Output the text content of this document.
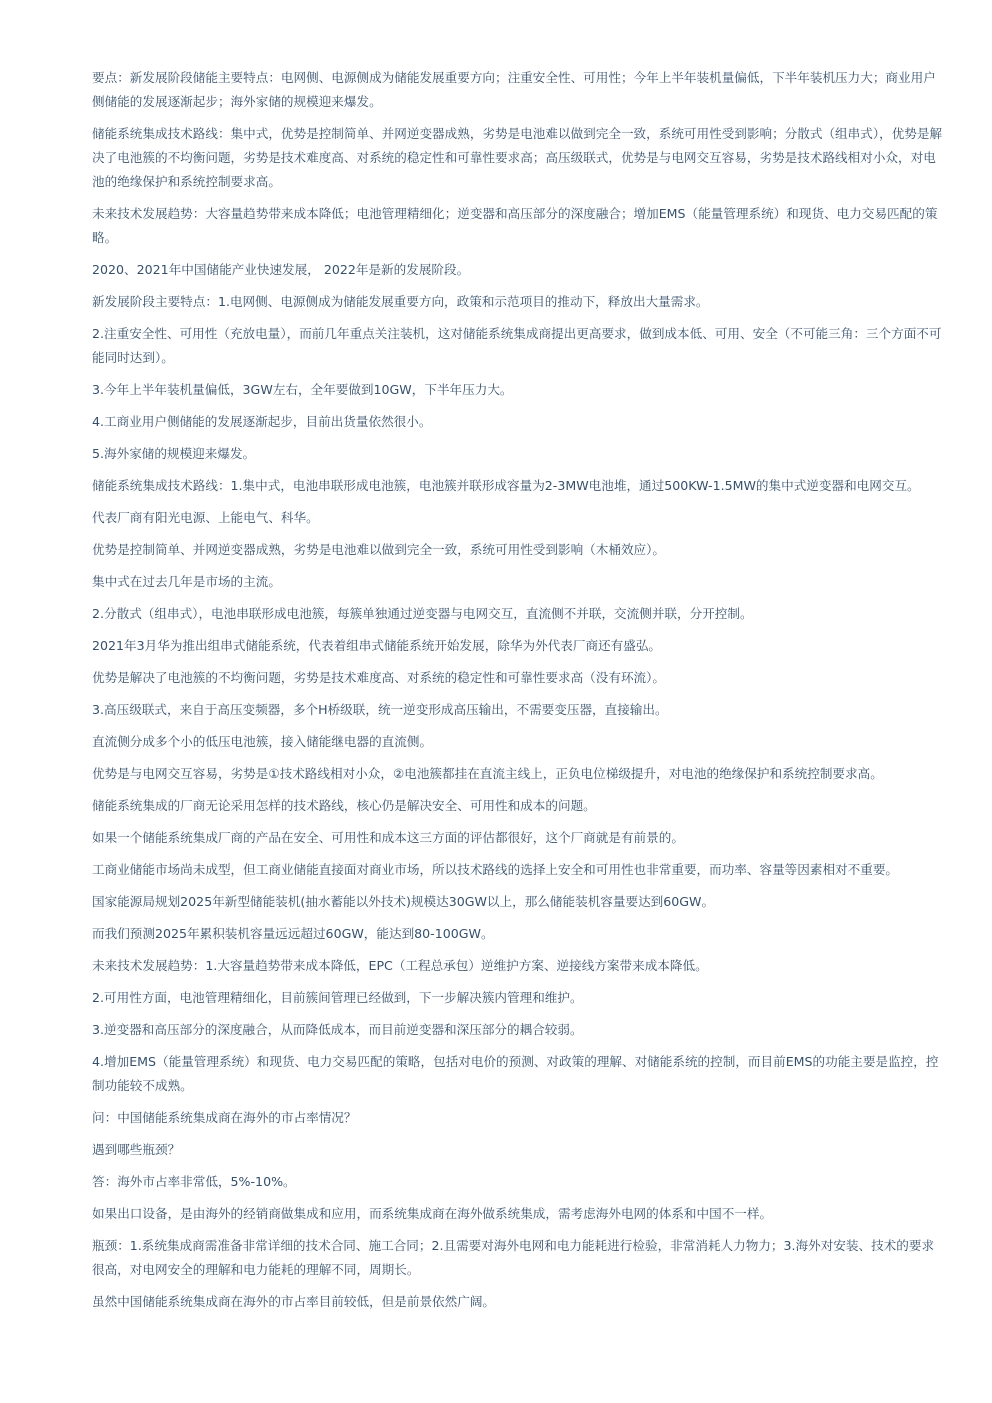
要点：新发展阶段储能主要特点：电网侧、电源侧成为储能发展重要方向；注重安全性、可用性；今年上半年装机量偏低，下半年装机压力大；商业用户侧储能的发展逐渐起步；海外家储的规模迎来爆发。

储能系统集成技术路线：集中式，优势是控制简单、并网逆变器成熟，劣势是电池难以做到完全一致，系统可用性受到影响；分散式（组串式），优势是解决了电池簇的不均衡问题，劣势是技术难度高、对系统的稳定性和可靠性要求高；高压级联式，优势是与电网交互容易，劣势是技术路线相对小众，对电池的绝缘保护和系统控制要求高。

未来技术发展趋势：大容量趋势带来成本降低；电池管理精细化；逆变器和高压部分的深度融合；增加EMS（能量管理系统）和现货、电力交易匹配的策略。

2020、2021年中国储能产业快速发展， 2022年是新的发展阶段。

新发展阶段主要特点：1.电网侧、电源侧成为储能发展重要方向，政策和示范项目的推动下，释放出大量需求。

2.注重安全性、可用性（充放电量），而前几年重点关注装机，这对储能系统集成商提出更高要求，做到成本低、可用、安全（不可能三角：三个方面不可能同时达到）。

3.今年上半年装机量偏低，3GW左右，全年要做到10GW，下半年压力大。

4.工商业用户侧储能的发展逐渐起步，目前出货量依然很小。

5.海外家储的规模迎来爆发。

储能系统集成技术路线：1.集中式，电池串联形成电池簇，电池簇并联形成容量为2-3MW电池堆，通过500KW-1.5MW的集中式逆变器和电网交互。

代表厂商有阳光电源、上能电气、科华。

优势是控制简单、并网逆变器成熟，劣势是电池难以做到完全一致，系统可用性受到影响（木桶效应）。

集中式在过去几年是市场的主流。

2.分散式（组串式），电池串联形成电池簇，每簇单独通过逆变器与电网交互，直流侧不并联，交流侧并联，分开控制。

2021年3月华为推出组串式储能系统，代表着组串式储能系统开始发展，除华为外代表厂商还有盛弘。

优势是解决了电池簇的不均衡问题，劣势是技术难度高、对系统的稳定性和可靠性要求高（没有环流）。

3.高压级联式，来自于高压变频器，多个H桥级联，统一逆变形成高压输出，不需要变压器，直接输出。

直流侧分成多个小的低压电池簇，接入储能继电器的直流侧。

优势是与电网交互容易，劣势是①技术路线相对小众，②电池簇都挂在直流主线上，正负电位梯级提升，对电池的绝缘保护和系统控制要求高。

储能系统集成的厂商无论采用怎样的技术路线，核心仍是解决安全、可用性和成本的问题。

如果一个储能系统集成厂商的产品在安全、可用性和成本这三方面的评估都很好，这个厂商就是有前景的。

工商业储能市场尚未成型，但工商业储能直接面对商业市场，所以技术路线的选择上安全和可用性也非常重要，而功率、容量等因素相对不重要。

国家能源局规划2025年新型储能装机(抽水蓄能以外技术)规模达30GW以上，那么储能装机容量要达到60GW。

而我们预测2025年累积装机容量远远超过60GW，能达到80-100GW。

未来技术发展趋势：1.大容量趋势带来成本降低，EPC（工程总承包）逆维护方案、逆接线方案带来成本降低。

2.可用性方面，电池管理精细化，目前簇间管理已经做到，下一步解决簇内管理和维护。

3.逆变器和高压部分的深度融合，从而降低成本，而目前逆变器和深压部分的耦合较弱。

4.增加EMS（能量管理系统）和现货、电力交易匹配的策略，包括对电价的预测、对政策的理解、对储能系统的控制，而目前EMS的功能主要是监控，控制功能较不成熟。

问：中国储能系统集成商在海外的市占率情况？

遇到哪些瓶颈？

答：海外市占率非常低，5%-10%。

如果出口设备，是由海外的经销商做集成和应用，而系统集成商在海外做系统集成，需考虑海外电网的体系和中国不一样。

瓶颈：1.系统集成商需准备非常详细的技术合同、施工合同；2.且需要对海外电网和电力能耗进行检验，非常消耗人力物力；3.海外对安装、技术的要求很高，对电网安全的理解和电力能耗的理解不同，周期长。

虽然中国储能系统集成商在海外的市占率目前较低，但是前景依然广阔。
